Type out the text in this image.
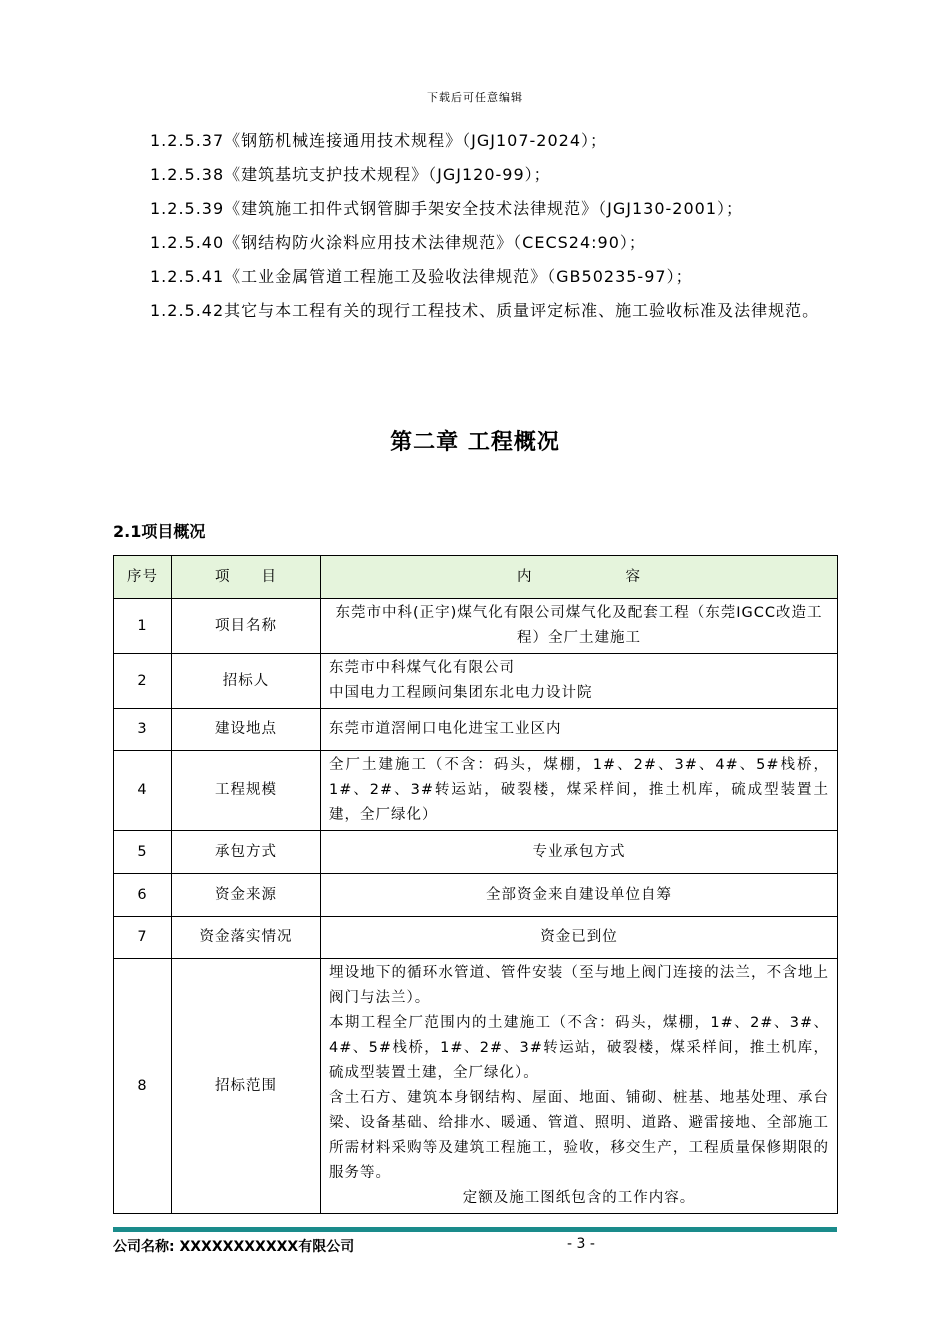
下载后可任意编辑

1.2.5.37《钢筋机械连接通用技术规程》（JGJ107-2024）；

1.2.5.38《建筑基坑支护技术规程》（JGJ120-99）；

1.2.5.39《建筑施工扣件式钢管脚手架安全技术法律规范》（JGJ130-2001）；

1.2.5.40《钢结构防火涂料应用技术法律规范》（CECS24:90）；

1.2.5.41《工业金属管道工程施工及验收法律规范》（GB50235-97）；

1.2.5.42其它与本工程有关的现行工程技术、质量评定标准、施工验收标准及法律规范。

第二章 工程概况
2.1项目概况
序号	项　　目	内　　　　　　容
1	项目名称	东莞市中科(正宇)煤气化有限公司煤气化及配套工程（东莞IGCC改造工程）全厂土建施工

2	招标人	东莞市中科煤气化有限公司
中国电力工程顾问集团东北电力设计院

3	建设地点	东莞市道滘闸口电化进宝工业区内

4	工程规模	全厂土建施工（不含：码头，煤棚，1#、2#、3#、4#、5#栈桥，1#、2#、3#转运站，破裂楼，煤采样间，推土机库，硫成型装置土建，全厂绿化）

5	承包方式	专业承包方式

6	资金来源	全部资金来自建设单位自筹

7	资金落实情况	资金已到位

8	招标范围	埋设地下的循环水管道、管件安装（至与地上阀门连接的法兰，不含地上阀门与法兰）。
本期工程全厂范围内的土建施工（不含：码头，煤棚，1#、2#、3#、4#、5#栈桥，1#、2#、3#转运站，破裂楼，煤采样间，推土机库，硫成型装置土建，全厂绿化）。
含土石方、建筑本身钢结构、屋面、地面、铺砌、桩基、地基处理、承台梁、设备基础、给排水、暖通、管道、照明、道路、避雷接地、全部施工所需材料采购等及建筑工程施工，验收，移交生产，工程质量保修期限的服务等。
定额及施工图纸包含的工作内容。
公司名称: XXXXXXXXXXX有限公司	- 3 -
